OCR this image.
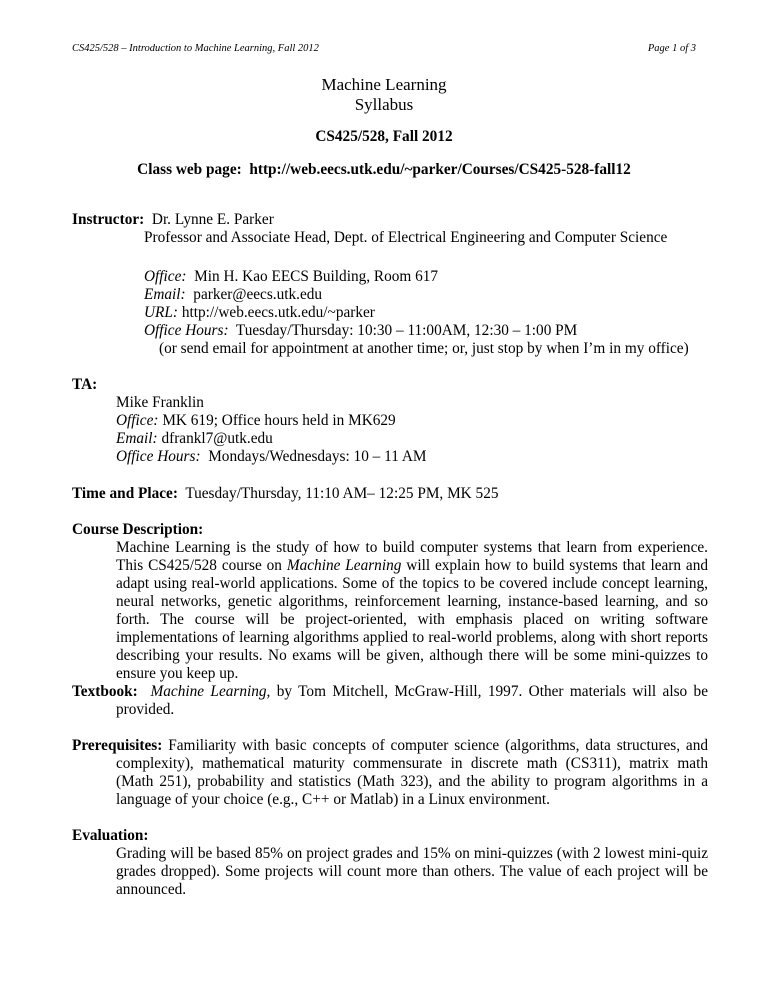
CS425/528 – Introduction to Machine Learning, Fall 2012	Page 1 of 3
Machine Learning
Syllabus
CS425/528, Fall 2012
Class web page: http://web.eecs.utk.edu/~parker/Courses/CS425-528-fall12
Instructor: Dr. Lynne E. Parker
Professor and Associate Head, Dept. of Electrical Engineering and Computer Science
Office: Min H. Kao EECS Building, Room 617
Email: parker@eecs.utk.edu
URL: http://web.eecs.utk.edu/~parker
Office Hours: Tuesday/Thursday: 10:30 – 11:00AM, 12:30 – 1:00 PM
(or send email for appointment at another time; or, just stop by when I’m in my office)
TA:
Mike Franklin
Office: MK 619; Office hours held in MK629
Email: dfrankl7@utk.edu
Office Hours: Mondays/Wednesdays: 10 – 11 AM
Time and Place: Tuesday/Thursday, 11:10 AM– 12:25 PM, MK 525
Course Description:
Machine Learning is the study of how to build computer systems that learn from experience. This CS425/528 course on Machine Learning will explain how to build systems that learn and adapt using real-world applications. Some of the topics to be covered include concept learning, neural networks, genetic algorithms, reinforcement learning, instance-based learning, and so forth. The course will be project-oriented, with emphasis placed on writing software implementations of learning algorithms applied to real-world problems, along with short reports describing your results. No exams will be given, although there will be some mini-quizzes to ensure you keep up.
Textbook: Machine Learning, by Tom Mitchell, McGraw-Hill, 1997. Other materials will also be provided.
Prerequisites: Familiarity with basic concepts of computer science (algorithms, data structures, and complexity), mathematical maturity commensurate in discrete math (CS311), matrix math (Math 251), probability and statistics (Math 323), and the ability to program algorithms in a language of your choice (e.g., C++ or Matlab) in a Linux environment.
Evaluation:
Grading will be based 85% on project grades and 15% on mini-quizzes (with 2 lowest mini-quiz grades dropped). Some projects will count more than others. The value of each project will be announced.
